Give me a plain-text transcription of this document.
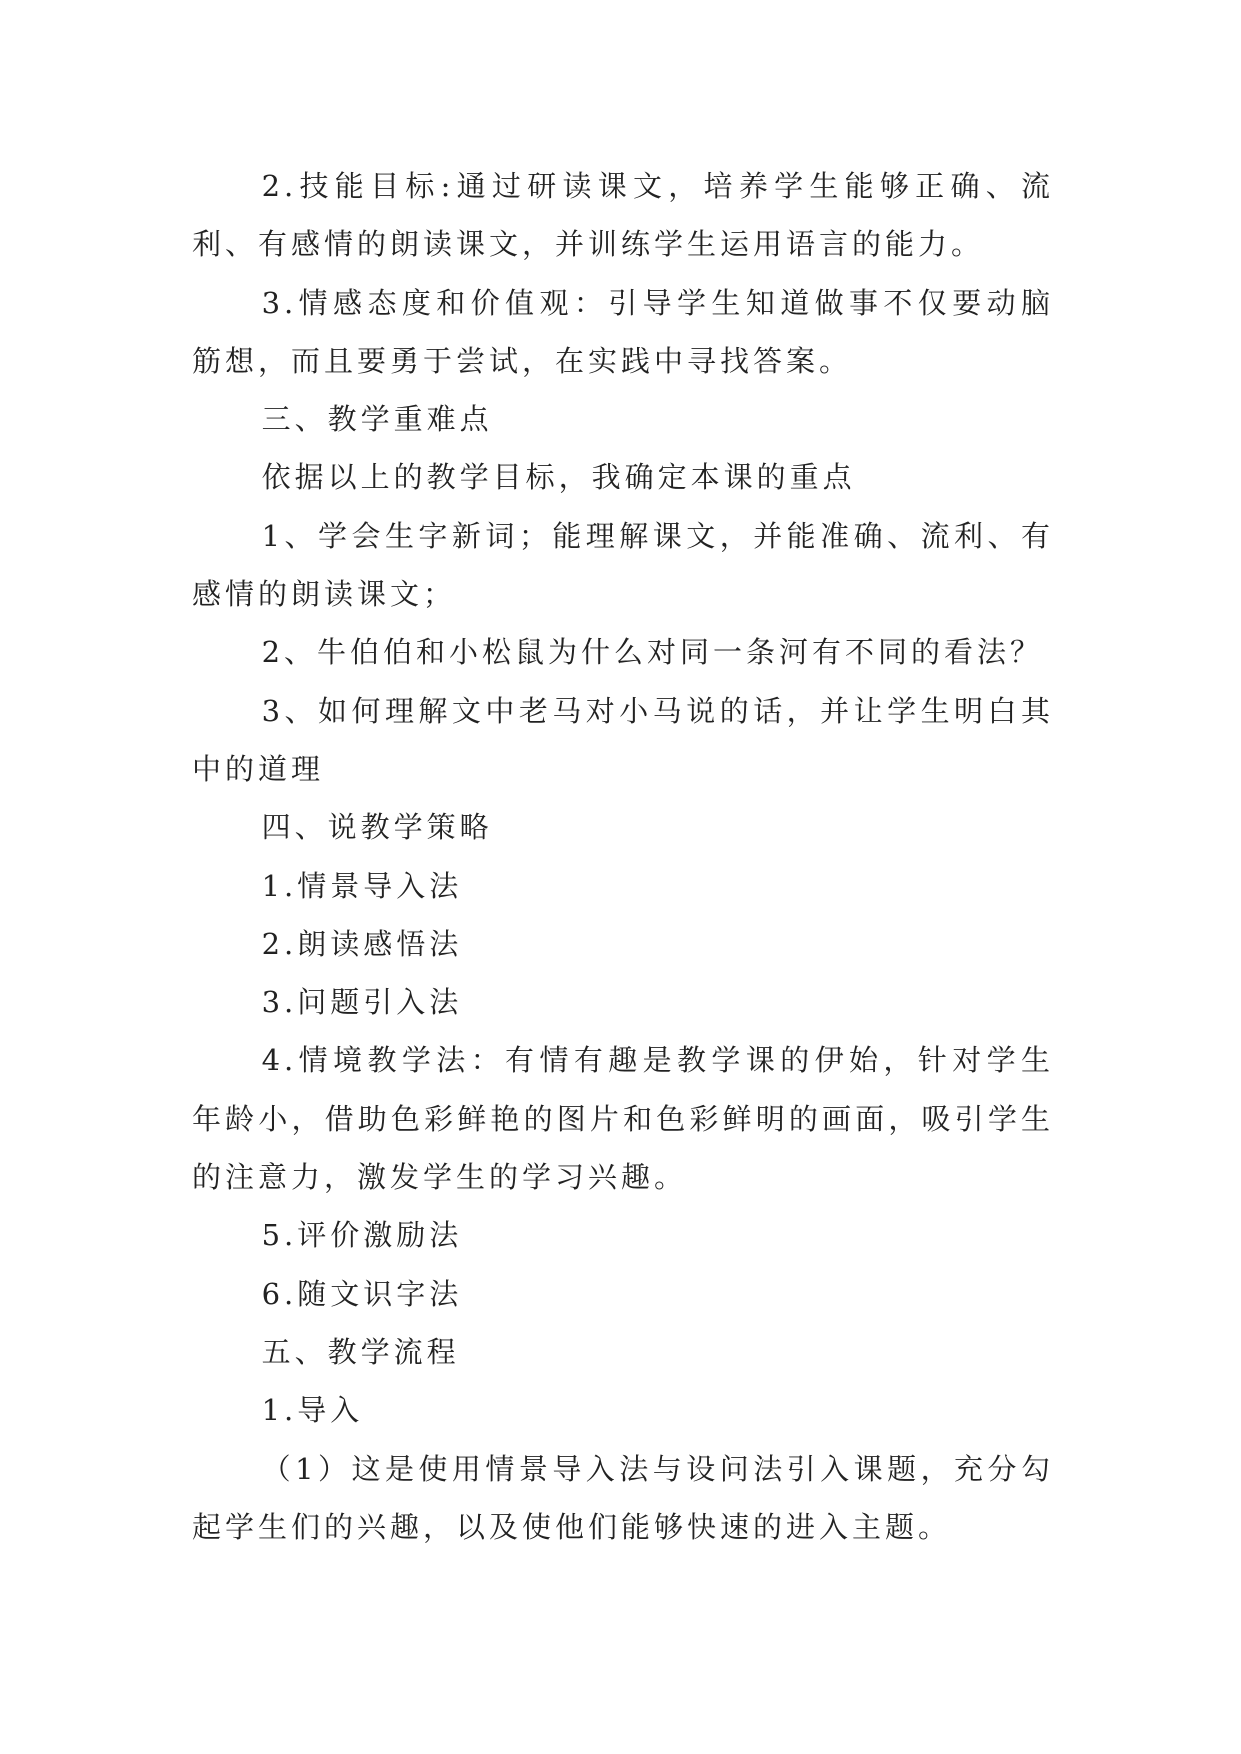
2.技能目标:通过研读课文，培养学生能够正确、流利、有感情的朗读课文，并训练学生运用语言的能力。

3.情感态度和价值观：引导学生知道做事不仅要动脑筋想，而且要勇于尝试，在实践中寻找答案。

三、教学重难点

依据以上的教学目标，我确定本课的重点

1、学会生字新词；能理解课文，并能准确、流利、有感情的朗读课文；

2、牛伯伯和小松鼠为什么对同一条河有不同的看法？

3、如何理解文中老马对小马说的话，并让学生明白其中的道理

四、说教学策略

1.情景导入法

2.朗读感悟法

3.问题引入法

4.情境教学法：有情有趣是教学课的伊始，针对学生年龄小，借助色彩鲜艳的图片和色彩鲜明的画面，吸引学生的注意力，激发学生的学习兴趣。

5.评价激励法

6.随文识字法

五、教学流程

1.导入

（1）这是使用情景导入法与设问法引入课题，充分勾起学生们的兴趣，以及使他们能够快速的进入主题。
